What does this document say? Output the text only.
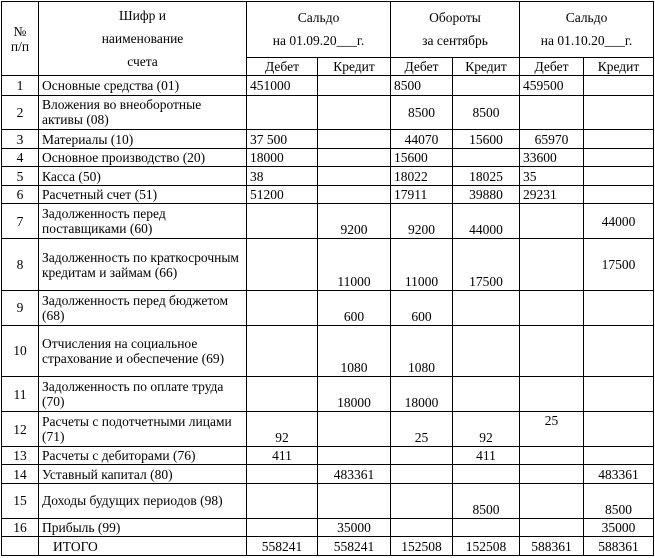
№
п/п	Шифр и
наименование
счета	Сальдо
на 01.09.20___г.		Обороты
за сентябрь		Сальдо
на 01.10.20___г.	

		Дебет	Кредит	Дебет	Кредит	Дебет	Кредит
1	Основные средства (01)	451000		8500		459500	
2	Вложения во внеоборотные активы (08)			8500	8500		
3	Материалы (10)	37 500		44070	15600	65970	
4	Основное производство (20)	18000		15600		33600	
5	Касса (50)	38		18022	18025	35	
6	Расчетный счет (51)	51200		17911	39880	29231	
7	Задолженность перед поставщиками (60)		9200	9200	44000		44000
8	Задолженность по краткосрочным кредитам и займам (66)		11000	11000	17500		17500
9	Задолженность перед бюджетом (68)		600	600			
10	Отчисления на социальное страхование и обеспечение (69)		1080	1080			
11	Задолженность по оплате труда (70)		18000	18000			
12	Расчеты с подотчетными лицами (71)	92		25	92	25	
13	Расчеты с дебиторами (76)	411			411		
14	Уставный капитал (80)		483361				483361
15	Доходы будущих периодов (98)				8500		8500
16	Прибыль (99)		35000				35000
	ИТОГО	558241	558241	152508	152508	588361	588361
